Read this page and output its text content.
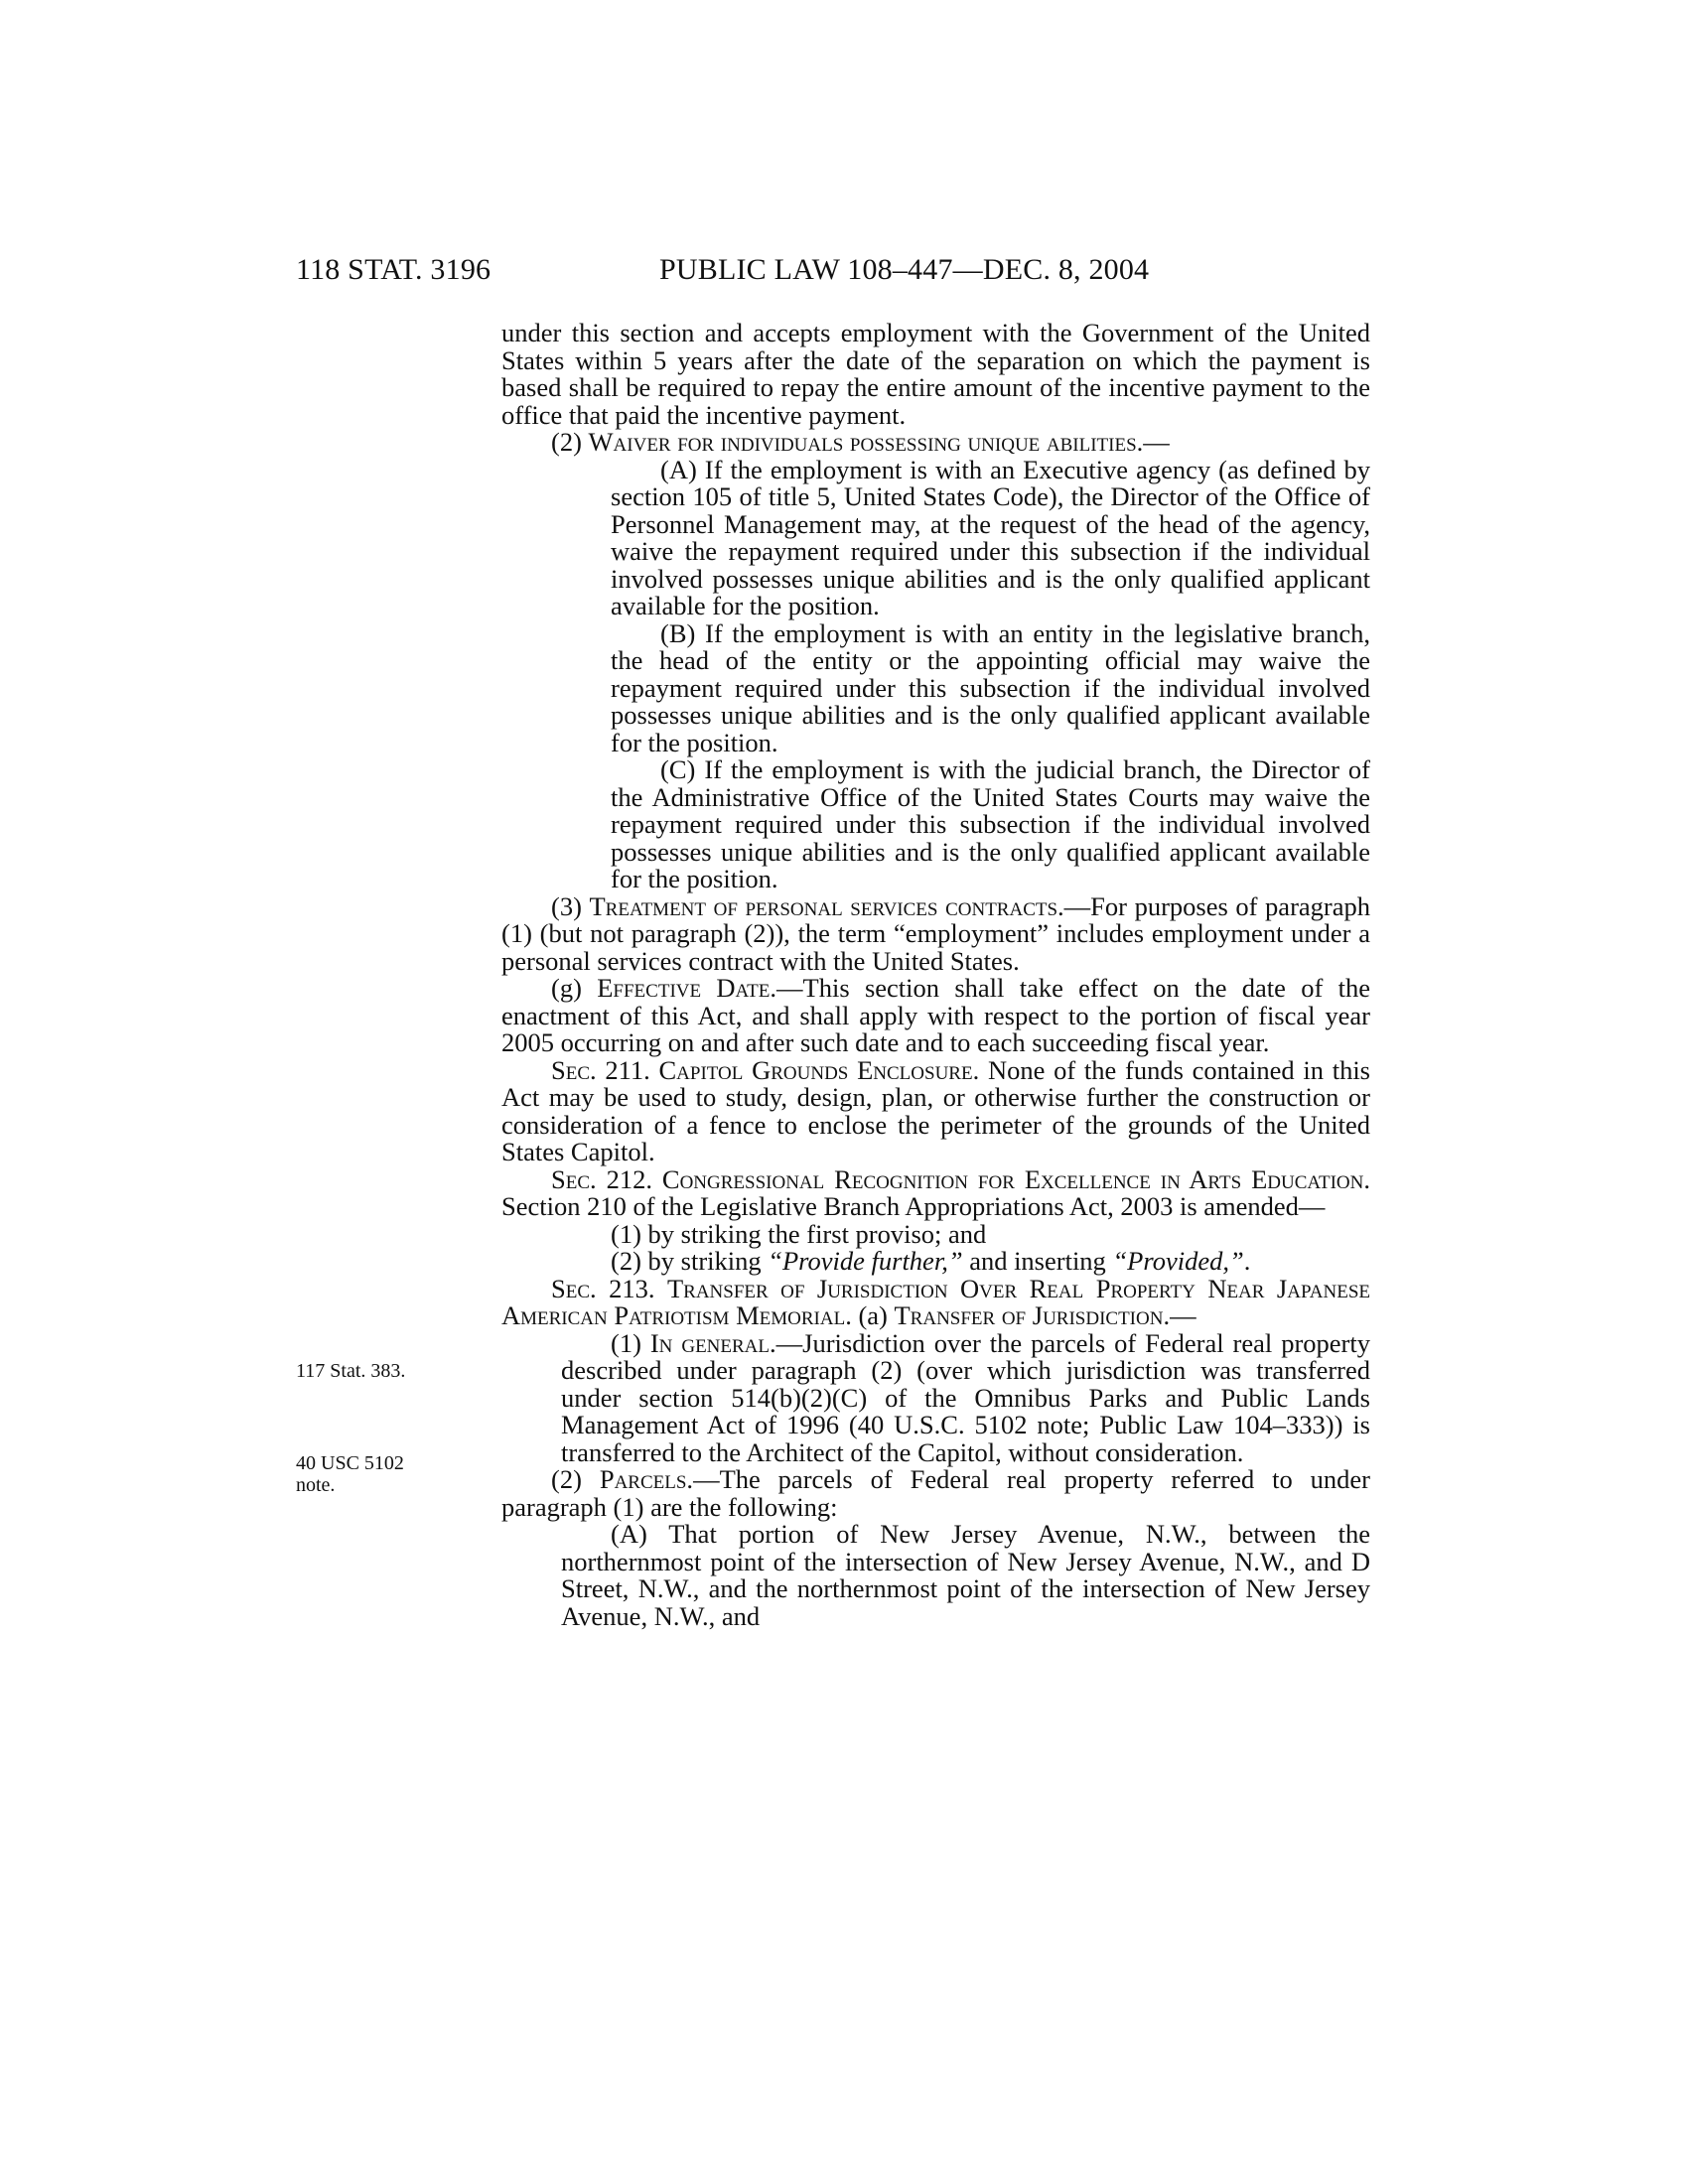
118 STAT. 3196	PUBLIC LAW 108–447—DEC. 8, 2004
117 Stat. 383.
40 USC 5102
note.

under this section and accepts employment with the Government of the United States within 5 years after the date of the separation on which the payment is based shall be required to repay the entire amount of the incentive payment to the office that paid the incentive payment.

(2) Waiver for individuals possessing unique abilities.—

(A) If the employment is with an Executive agency (as defined by section 105 of title 5, United States Code), the Director of the Office of Personnel Management may, at the request of the head of the agency, waive the repayment required under this subsection if the individual involved possesses unique abilities and is the only qualified applicant available for the position.

(B) If the employment is with an entity in the legislative branch, the head of the entity or the appointing official may waive the repayment required under this subsection if the individual involved possesses unique abilities and is the only qualified applicant available for the position.

(C) If the employment is with the judicial branch, the Director of the Administrative Office of the United States Courts may waive the repayment required under this subsection if the individual involved possesses unique abilities and is the only qualified applicant available for the position.

(3) Treatment of personal services contracts.—For purposes of paragraph (1) (but not paragraph (2)), the term “employment” includes employment under a personal services contract with the United States.

(g) Effective Date.—This section shall take effect on the date of the enactment of this Act, and shall apply with respect to the portion of fiscal year 2005 occurring on and after such date and to each succeeding fiscal year.

Sec. 211. Capitol Grounds Enclosure. None of the funds contained in this Act may be used to study, design, plan, or otherwise further the construction or consideration of a fence to enclose the perimeter of the grounds of the United States Capitol.

Sec. 212. Congressional Recognition for Excellence in Arts Education. Section 210 of the Legislative Branch Appropriations Act, 2003 is amended—

(1) by striking the first proviso; and

(2) by striking “Provide further,” and inserting “Provided,”.

Sec. 213. Transfer of Jurisdiction Over Real Property Near Japanese American Patriotism Memorial. (a) Transfer of Jurisdiction.—

(1) In general.—Jurisdiction over the parcels of Federal real property described under paragraph (2) (over which jurisdiction was transferred under section 514(b)(2)(C) of the Omnibus Parks and Public Lands Management Act of 1996 (40 U.S.C. 5102 note; Public Law 104–333)) is transferred to the Architect of the Capitol, without consideration.

(2) Parcels.—The parcels of Federal real property referred to under paragraph (1) are the following:

(A) That portion of New Jersey Avenue, N.W., between the northernmost point of the intersection of New Jersey Avenue, N.W., and D Street, N.W., and the northernmost point of the intersection of New Jersey Avenue, N.W., and
